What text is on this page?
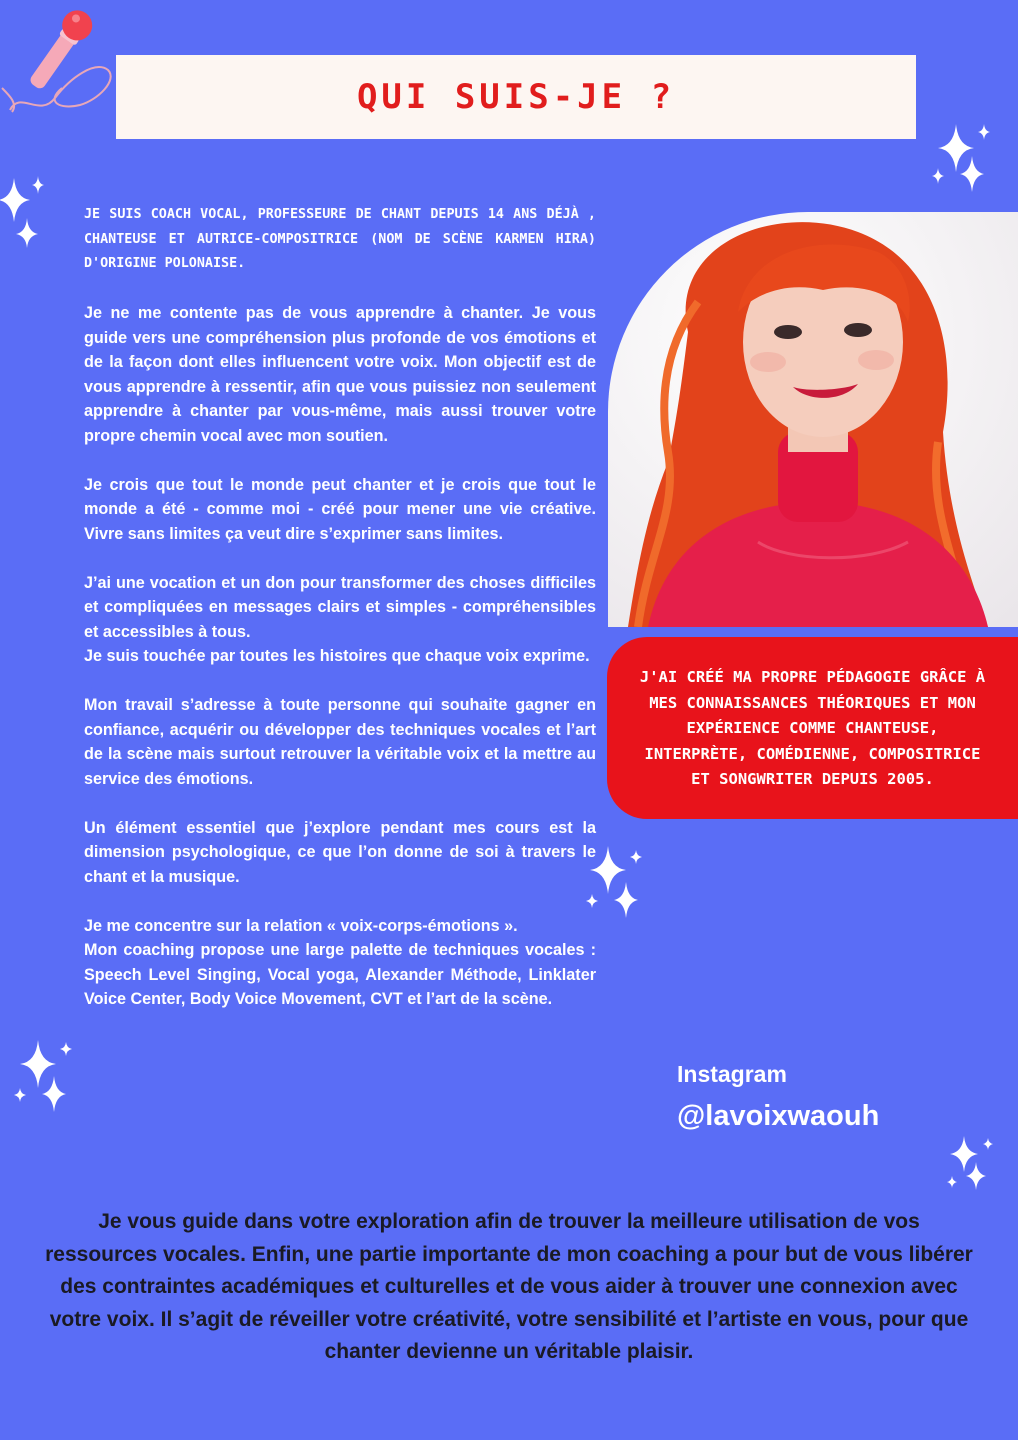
QUI SUIS-JE ?

JE SUIS COACH VOCAL, PROFESSEURE DE CHANT DEPUIS 14 ANS DÉJÀ , CHANTEUSE ET AUTRICE-COMPOSITRICE (NOM DE SCÈNE KARMEN HIRA) D'ORIGINE POLONAISE.

Je ne me contente pas de vous apprendre à chanter. Je vous guide vers une compréhension plus profonde de vos émotions et de la façon dont elles influencent votre voix. Mon objectif est de vous apprendre à ressentir, afin que vous puissiez non seulement apprendre à chanter par vous-même, mais aussi trouver votre propre chemin vocal avec mon soutien.

Je crois que tout le monde peut chanter et je crois que tout le monde a été - comme moi - créé pour mener une vie créative. Vivre sans limites ça veut dire s’exprimer sans limites.

J’ai une vocation et un don pour transformer des choses difficiles et compliquées en messages clairs et simples - compréhensibles et accessibles à tous.
Je suis touchée par toutes les histoires que chaque voix exprime.

Mon travail s’adresse à toute personne qui souhaite gagner en confiance, acquérir ou développer des techniques vocales et l’art de la scène mais surtout retrouver la véritable voix et la mettre au service des émotions.

Un élément essentiel que j’explore pendant mes cours est la dimension psychologique, ce que l’on donne de soi à travers le chant et la musique.

Je me concentre sur la relation « voix-corps-émotions ».
Mon coaching propose une large palette de techniques vocales : Speech Level Singing, Vocal yoga, Alexander Méthode, Linklater Voice Center, Body Voice Movement, CVT et l’art de la scène.

J'AI CRÉÉ MA PROPRE PÉDAGOGIE GRÂCE À MES CONNAISSANCES THÉORIQUES ET MON EXPÉRIENCE COMME CHANTEUSE, INTERPRÈTE, COMÉDIENNE, COMPOSITRICE ET SONGWRITER DEPUIS 2005.
Instagram
@lavoixwaouh
Je vous guide dans votre exploration afin de trouver la meilleure utilisation de vos ressources vocales. Enfin, une partie importante de mon coaching a pour but de vous libérer des contraintes académiques et culturelles et de vous aider à trouver une connexion avec votre voix. Il s’agit de réveiller votre créativité, votre sensibilité et l’artiste en vous, pour que chanter devienne un véritable plaisir.
